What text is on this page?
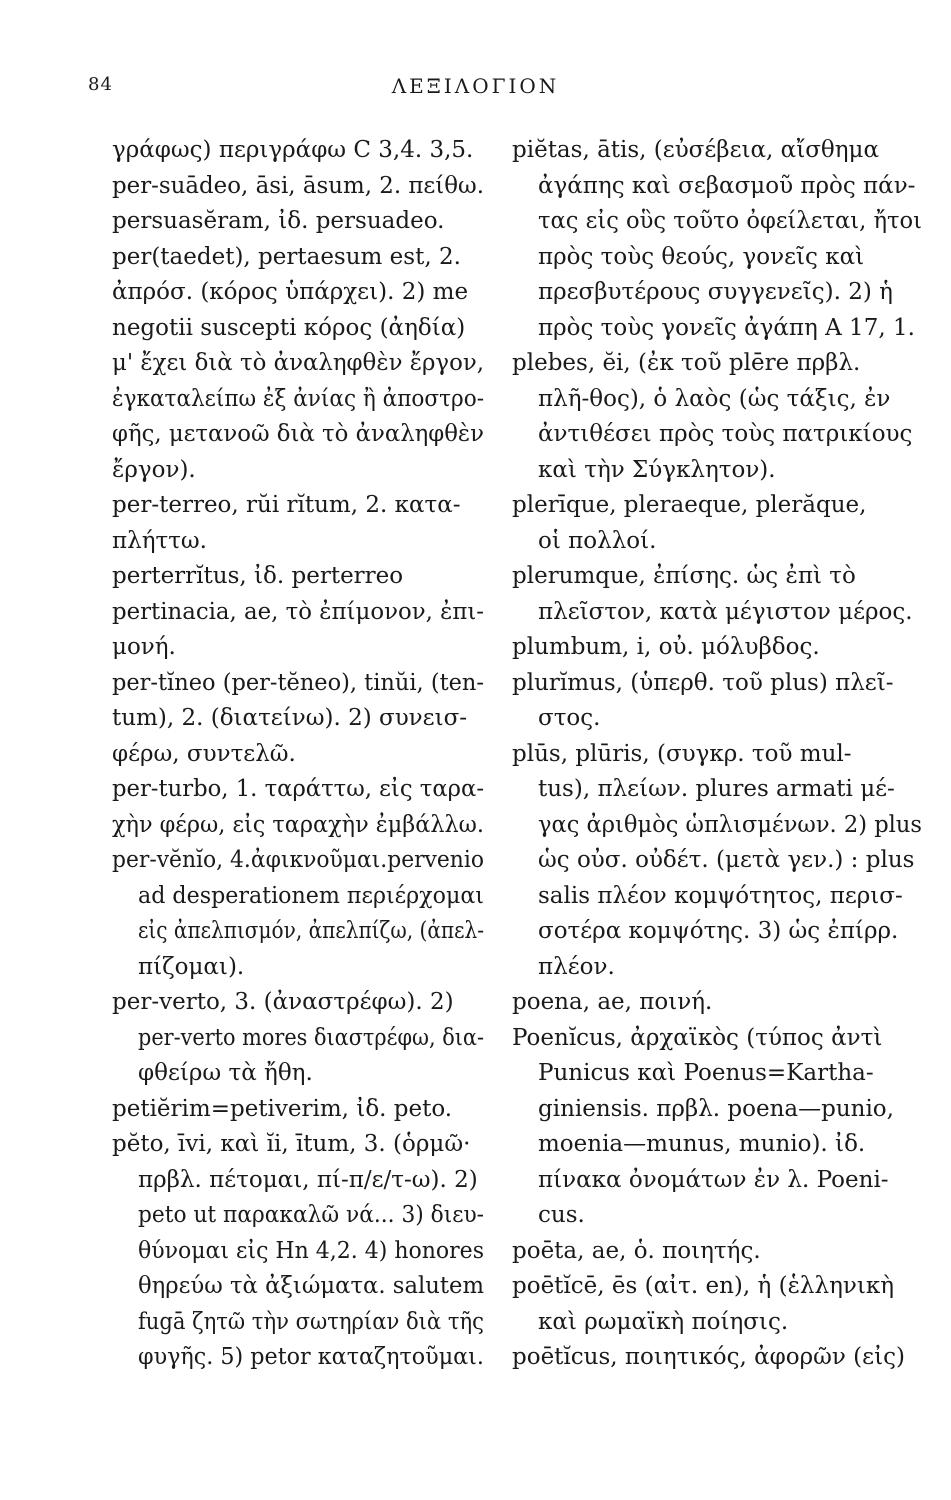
84	ΛΕΞΙΛΟΓΙΟΝ
γράφως) περιγράφω C 3,4. 3,5.
per-suādeo, āsi, āsum, 2. πείθω.
persuasĕram, ἰδ. persuadeo.
per(taedet), pertaesum est, 2.
ἀπρόσ. (κόρος ὑπάρχει). 2) me
negotii suscepti κόρος (ἀηδία)
μ' ἔχει διὰ τὸ ἀναληφθὲν ἔργον,
ἐγκαταλείπω ἐξ ἀνίας ἢ ἀποστρο-
φῆς, μετανοῶ διὰ τὸ ἀναληφθὲν
ἔργον).
per-terreo, rŭi rĭtum, 2. κατα-
πλήττω.
perterrĭtus, ἰδ. perterreo
pertinacia, ae, τὸ ἐπίμονον, ἐπι-
μονή.
per-tĭneo (per-tĕneo), tinŭi, (ten-
tum), 2. (διατείνω). 2) συνεισ-
φέρω, συντελῶ.
per-turbo, 1. ταράττω, εἰς ταρα-
χὴν φέρω, εἰς ταραχὴν ἐμβάλλω.
per-vĕnĭo, 4.ἀφικνοῦμαι.pervenio
ad desperationem περιέρχομαι
εἰς ἀπελπισμόν, ἀπελπίζω, (ἀπελ-
πίζομαι).
per-verto, 3. (ἀναστρέφω). 2)
per-verto mores διαστρέφω, δια-
φθείρω τὰ ἤθη.
petiĕrim=petiverim, ἰδ. peto.
pĕto, īvi, καὶ ĭi, ītum, 3. (ὁρμῶ·
πρβλ. πέτομαι, πί-π/ε/τ-ω). 2)
peto ut παρακαλῶ νά... 3) διευ-
θύνομαι εἰς Hn 4,2. 4) honores
θηρεύω τὰ ἀξιώματα. salutem
fugā ζητῶ τὴν σωτηρίαν διὰ τῆς
φυγῆς. 5) petor καταζητοῦμαι.
piĕtas, ātis, (εὐσέβεια, αἴσθημα
ἀγάπης καὶ σεβασμοῦ πρὸς πάν-
τας εἰς οὓς τοῦτο ὀφείλεται, ἤτοι
πρὸς τοὺς θεούς, γονεῖς καὶ
πρεσβυτέρους συγγενεῖς). 2) ἡ
πρὸς τοὺς γονεῖς ἀγάπη A 17, 1.
plebes, ĕi, (ἐκ τοῦ plēre πρβλ.
πλῆ-θος), ὁ λαὸς (ὡς τάξις, ἐν
ἀντιθέσει πρὸς τοὺς πατρικίους
καὶ τὴν Σύγκλητον).
plerīque, pleraeque, plerăque,
οἱ πολλοί.
plerumque, ἐπίσης. ὡς ἐπὶ τὸ
πλεῖστον, κατὰ μέγιστον μέρος.
plumbum, i, οὐ. μόλυβδος.
plurĭmus, (ὑπερθ. τοῦ plus) πλεῖ-
στος.
plūs, plūris, (συγκρ. τοῦ mul-
tus), πλείων. plures armati μέ-
γας ἀριθμὸς ὡπλισμένων. 2) plus
ὡς οὐσ. οὐδέτ. (μετὰ γεν.) : plus
salis πλέον κομψότητος, περισ-
σοτέρα κομψότης. 3) ὡς ἐπίρρ.
πλέον.
poena, ae, ποινή.
Poenĭcus, ἀρχαϊκὸς (τύπος ἀντὶ
Punicus καὶ Poenus=Kartha-
giniensis. πρβλ. poena—punio,
moenia—munus, munio). ἰδ.
πίνακα ὀνομάτων ἐν λ. Poeni-
cus.
poēta, ae, ὁ. ποιητής.
poētĭcē, ēs (αἰτ. en), ἡ (ἑλληνικὴ
καὶ ρωμαϊκὴ ποίησις.
poētĭcus, ποιητικός, ἀφορῶν (εἰς)
